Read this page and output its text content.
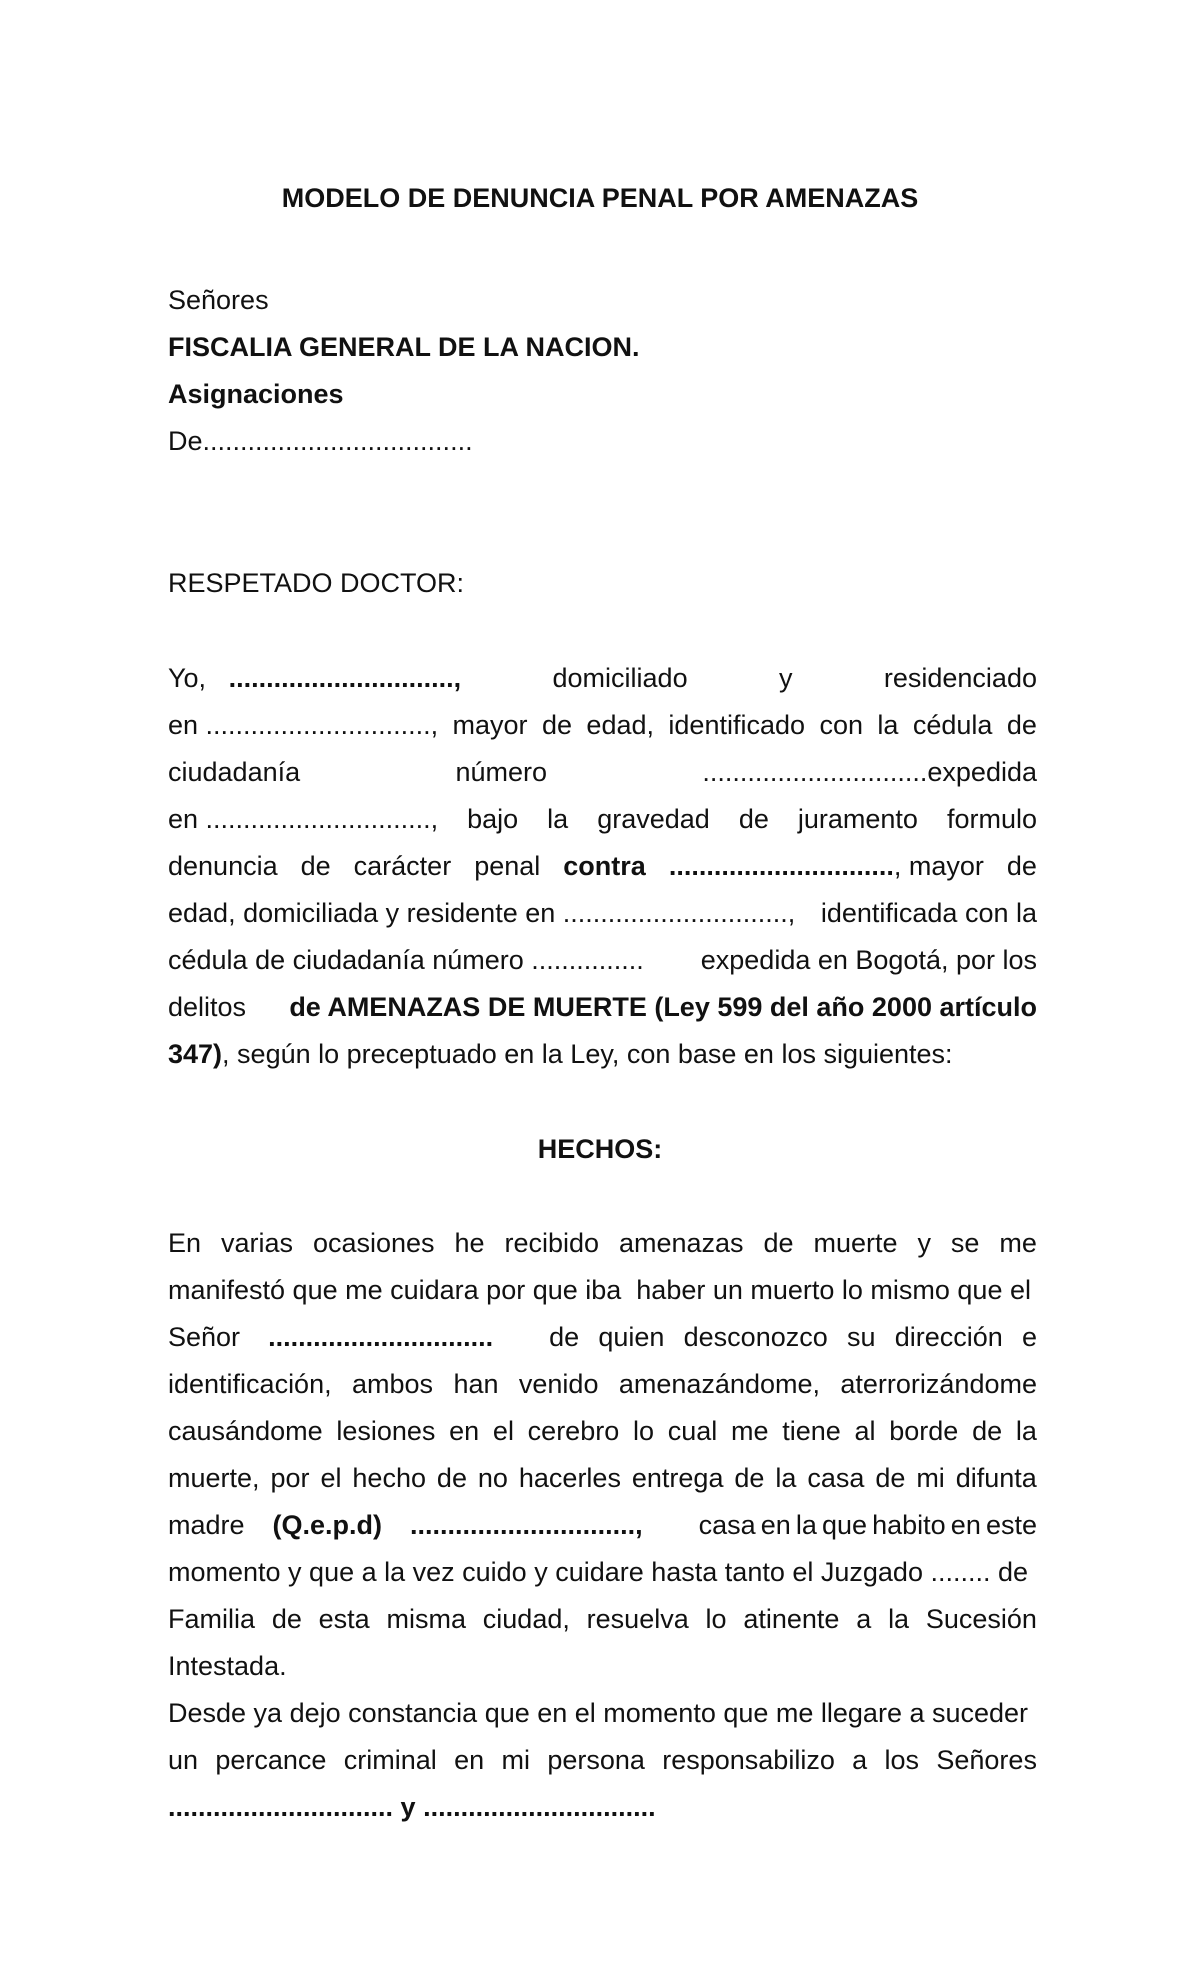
MODELO DE DENUNCIA PENAL POR AMENAZAS
Señores
FISCALIA GENERAL DE LA NACION.
Asignaciones
De....................................
RESPETADO DOCTOR:
Yo, ..............................,	domiciliado	y	residenciado
en .............................., mayor de edad, identificado con la cédula de
ciudadanía	número	..............................expedida
en .............................., bajo la gravedad de juramento formulo
denuncia de carácter penal contra .............................., mayor de
edad, domiciliada y residente en .............................., identificada con la
cédula de ciudadanía número ............... expedida en Bogotá, por los
delitos de AMENAZAS DE MUERTE (Ley 599 del año 2000 artículo
347), según lo preceptuado en la Ley, con base en los siguientes:
HECHOS:
En varias ocasiones he recibido amenazas de muerte y se me
manifestó que me cuidara por que iba  haber un muerto lo mismo que el
Señor .............................. de quien desconozco su dirección e
identificación, ambos han venido amenazándome, aterrorizándome
causándome lesiones en el cerebro lo cual me tiene al borde de la
muerte, por el hecho de no hacerles entrega de la casa de mi difunta
madre (Q.e.p.d) .............................., casa en la que habito en este
momento y que a la vez cuido y cuidare hasta tanto el Juzgado ........ de
Familia de esta misma ciudad, resuelva lo atinente a la Sucesión
Intestada.
Desde ya dejo constancia que en el momento que me llegare a suceder
un percance criminal en mi persona responsabilizo a los Señores
.............................. y ...............................
